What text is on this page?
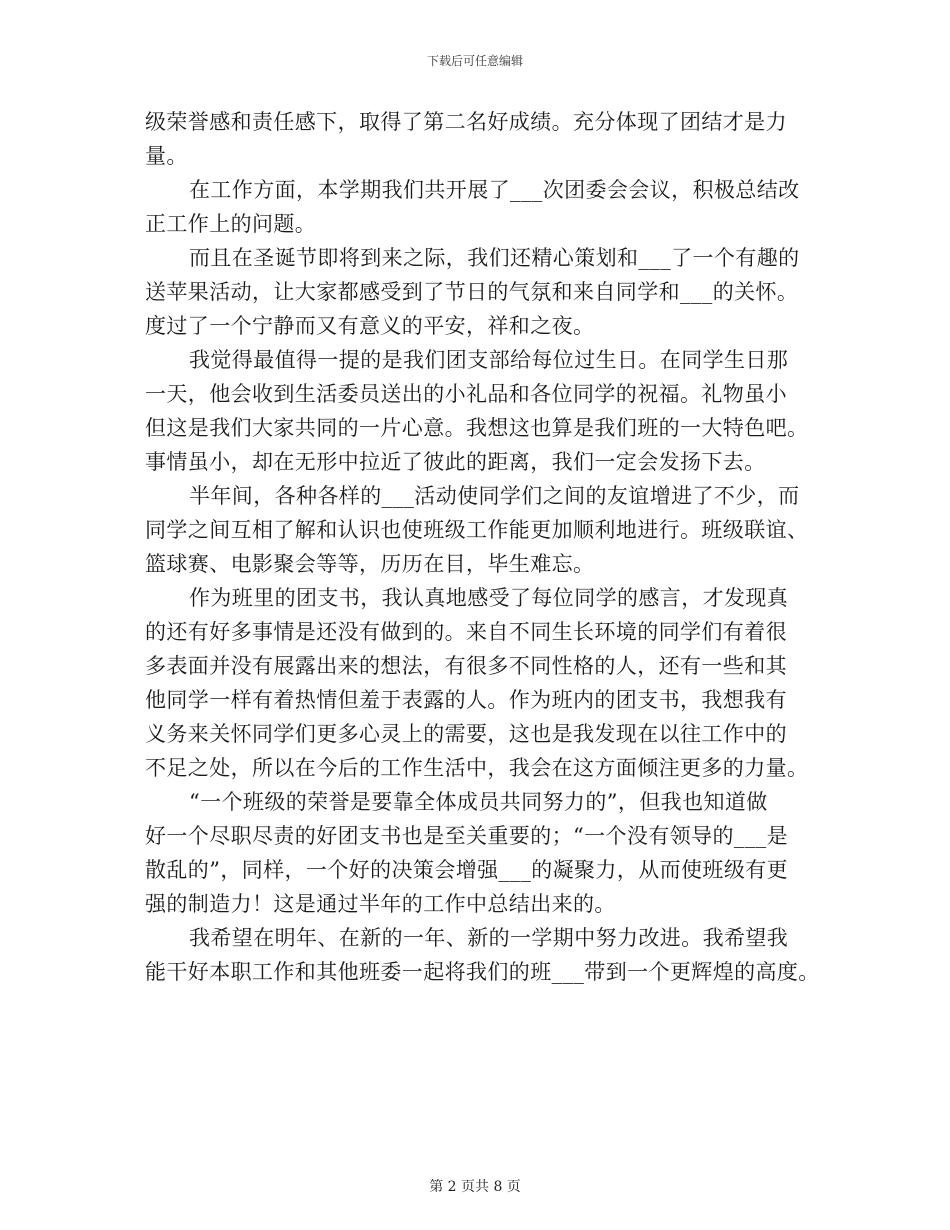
下载后可任意编辑
级荣誉感和责任感下，取得了第二名好成绩。充分体现了团结才是力
量。
在工作方面，本学期我们共开展了___次团委会会议，积极总结改
正工作上的问题。
而且在圣诞节即将到来之际，我们还精心策划和___了一个有趣的
送苹果活动，让大家都感受到了节日的气氛和来自同学和___的关怀。
度过了一个宁静而又有意义的平安，祥和之夜。
我觉得最值得一提的是我们团支部给每位过生日。在同学生日那
一天，他会收到生活委员送出的小礼品和各位同学的祝福。礼物虽小
但这是我们大家共同的一片心意。我想这也算是我们班的一大特色吧。
事情虽小，却在无形中拉近了彼此的距离，我们一定会发扬下去。
半年间，各种各样的___活动使同学们之间的友谊增进了不少，而
同学之间互相了解和认识也使班级工作能更加顺利地进行。班级联谊、
篮球赛、电影聚会等等，历历在目，毕生难忘。
作为班里的团支书，我认真地感受了每位同学的感言，才发现真
的还有好多事情是还没有做到的。来自不同生长环境的同学们有着很
多表面并没有展露出来的想法，有很多不同性格的人，还有一些和其
他同学一样有着热情但羞于表露的人。作为班内的团支书，我想我有
义务来关怀同学们更多心灵上的需要，这也是我发现在以往工作中的
不足之处，所以在今后的工作生活中，我会在这方面倾注更多的力量。
“一个班级的荣誉是要靠全体成员共同努力的”，但我也知道做
好一个尽职尽责的好团支书也是至关重要的；“一个没有领导的___是
散乱的”，同样，一个好的决策会增强___的凝聚力，从而使班级有更
强的制造力！这是通过半年的工作中总结出来的。
我希望在明年、在新的一年、新的一学期中努力改进。我希望我
能干好本职工作和其他班委一起将我们的班___带到一个更辉煌的高度。
第 2 页共 8 页
